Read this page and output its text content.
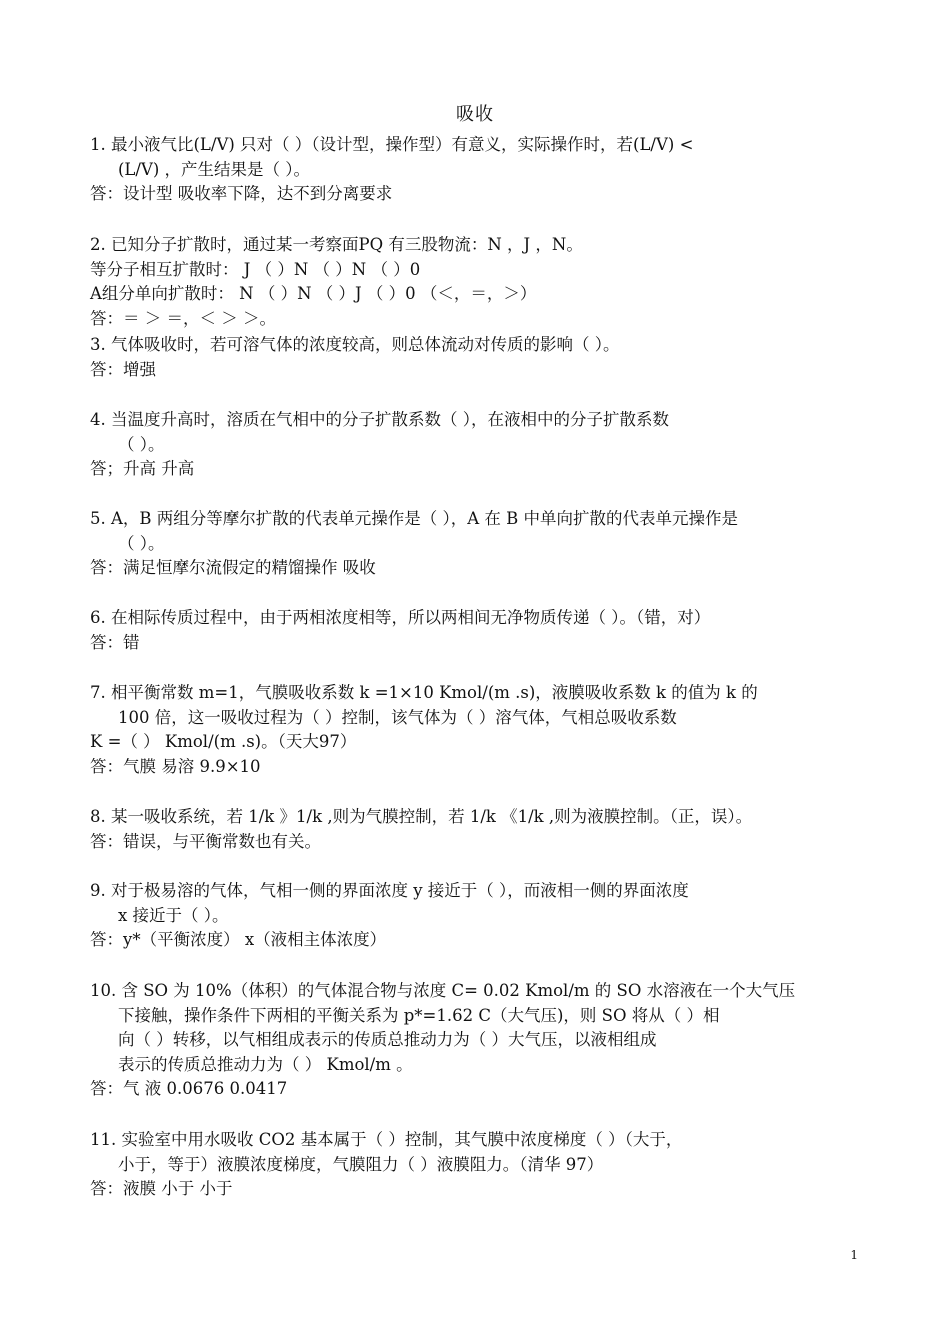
吸收

1. 最小液气比(L/V) 只对（ ）（设计型，操作型）有意义，实际操作时，若(L/V) <

(L/V) ，产生结果是（ ）。

答：设计型 吸收率下降，达不到分离要求

2. 已知分子扩散时，通过某一考察面PQ 有三股物流：N ，J ，N。

等分子相互扩散时： J （ ）N （ ）N （ ）0

A组分单向扩散时： N （ ）N （ ）J （ ）0 （＜，＝，＞）

答：＝ ＞ ＝，＜ ＞ ＞。

3. 气体吸收时，若可溶气体的浓度较高，则总体流动对传质的影响（ ）。

答：增强

4. 当温度升高时，溶质在气相中的分子扩散系数（ ），在液相中的分子扩散系数

（ ）。

答；升高 升高

5. A，B 两组分等摩尔扩散的代表单元操作是（ ），A 在 B 中单向扩散的代表单元操作是

（ ）。

答：满足恒摩尔流假定的精馏操作 吸收

6. 在相际传质过程中，由于两相浓度相等，所以两相间无净物质传递（ ）。（错，对）

答：错

7. 相平衡常数 m=1，气膜吸收系数 k =1×10 Kmol/(m .s)，液膜吸收系数 k 的值为 k 的

100 倍，这一吸收过程为（ ）控制，该气体为（ ）溶气体，气相总吸收系数

K =（ ） Kmol/(m .s)。（天大97）

答：气膜 易溶 9.9×10

8. 某一吸收系统，若 1/k 》1/k ,则为气膜控制，若 1/k 《1/k ,则为液膜控制。（正，误）。

答：错误，与平衡常数也有关。

9. 对于极易溶的气体，气相一侧的界面浓度 y 接近于（ ），而液相一侧的界面浓度

x 接近于（ ）。

答：y*（平衡浓度） x（液相主体浓度）

10. 含 SO 为 10%（体积）的气体混合物与浓度 C= 0.02 Kmol/m 的 SO 水溶液在一个大气压

下接触，操作条件下两相的平衡关系为 p*=1.62 C（大气压)，则 SO 将从（ ）相

向（ ）转移，以气相组成表示的传质总推动力为（ ）大气压，以液相组成

表示的传质总推动力为（ ） Kmol/m 。

答：气 液 0.0676 0.0417

11. 实验室中用水吸收 CO2 基本属于（ ）控制，其气膜中浓度梯度（ ）（大于，

小于，等于）液膜浓度梯度，气膜阻力（ ）液膜阻力。（清华 97）

答：液膜 小于 小于

1
